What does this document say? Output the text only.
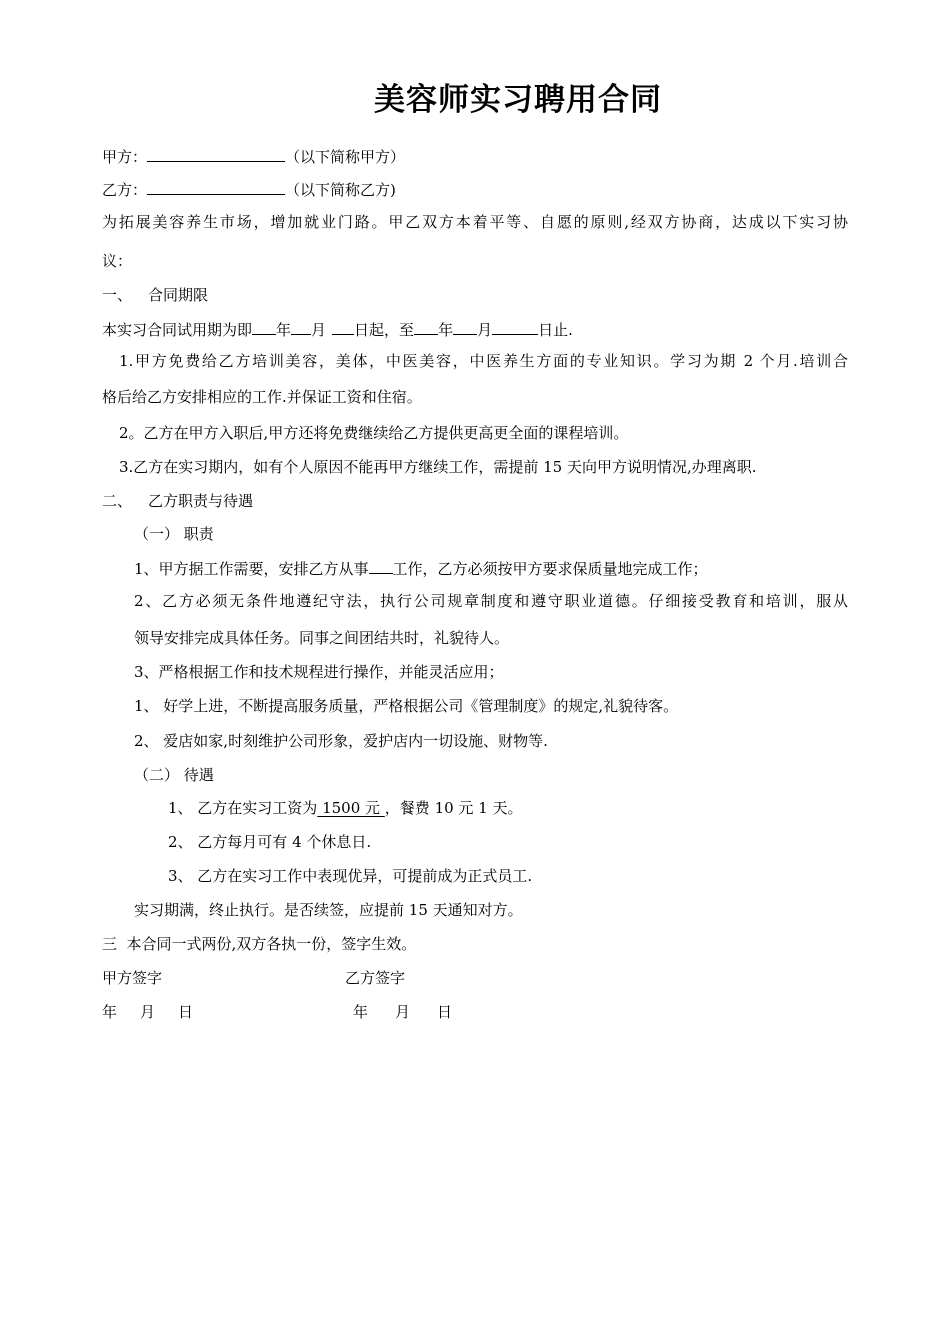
美容师实习聘用合同
甲方：	（以下简称甲方）
乙方：	（以下简称乙方)
为拓展美容养生市场，增加就业门路。甲乙双方本着平等、自愿的原则,经双方协商，达成以下实习协
议：
一、 合同期限
本实习合同试用期为即 年 月 日起，至 年 月	日止.
1.甲方免费给乙方培训美容，美体，中医美容，中医养生方面的专业知识。学习为期 2 个月.培训合
格后给乙方安排相应的工作.并保证工资和住宿。
2。乙方在甲方入职后,甲方还将免费继续给乙方提供更高更全面的课程培训。
3.乙方在实习期内，如有个人原因不能再甲方继续工作，需提前 15 天向甲方说明情况,办理离职.
二、 乙方职责与待遇
（一） 职责
1、甲方据工作需要，安排乙方从事 工作，乙方必须按甲方要求保质量地完成工作；
2、乙方必须无条件地遵纪守法，执行公司规章制度和遵守职业道德。仔细接受教育和培训，服从
领导安排完成具体任务。同事之间团结共时，礼貌待人。
3、严格根据工作和技术规程进行操作，并能灵活应用；
1、 好学上进，不断提高服务质量，严格根据公司《管理制度》的规定,礼貌待客。
2、 爱店如家,时刻维护公司形象，爱护店内一切设施、财物等.
（二） 待遇
1、 乙方在实习工资为 1500 元 ，餐费 10 元 1 天。
2、 乙方每月可有 4 个休息日.
3、 乙方在实习工作中表现优异，可提前成为正式员工.
实习期满，终止执行。是否续签，应提前 15 天通知对方。
三  本合同一式两份,双方各执一份，签字生效。
甲方签字	乙方签字
年 月 日	年 月 日
